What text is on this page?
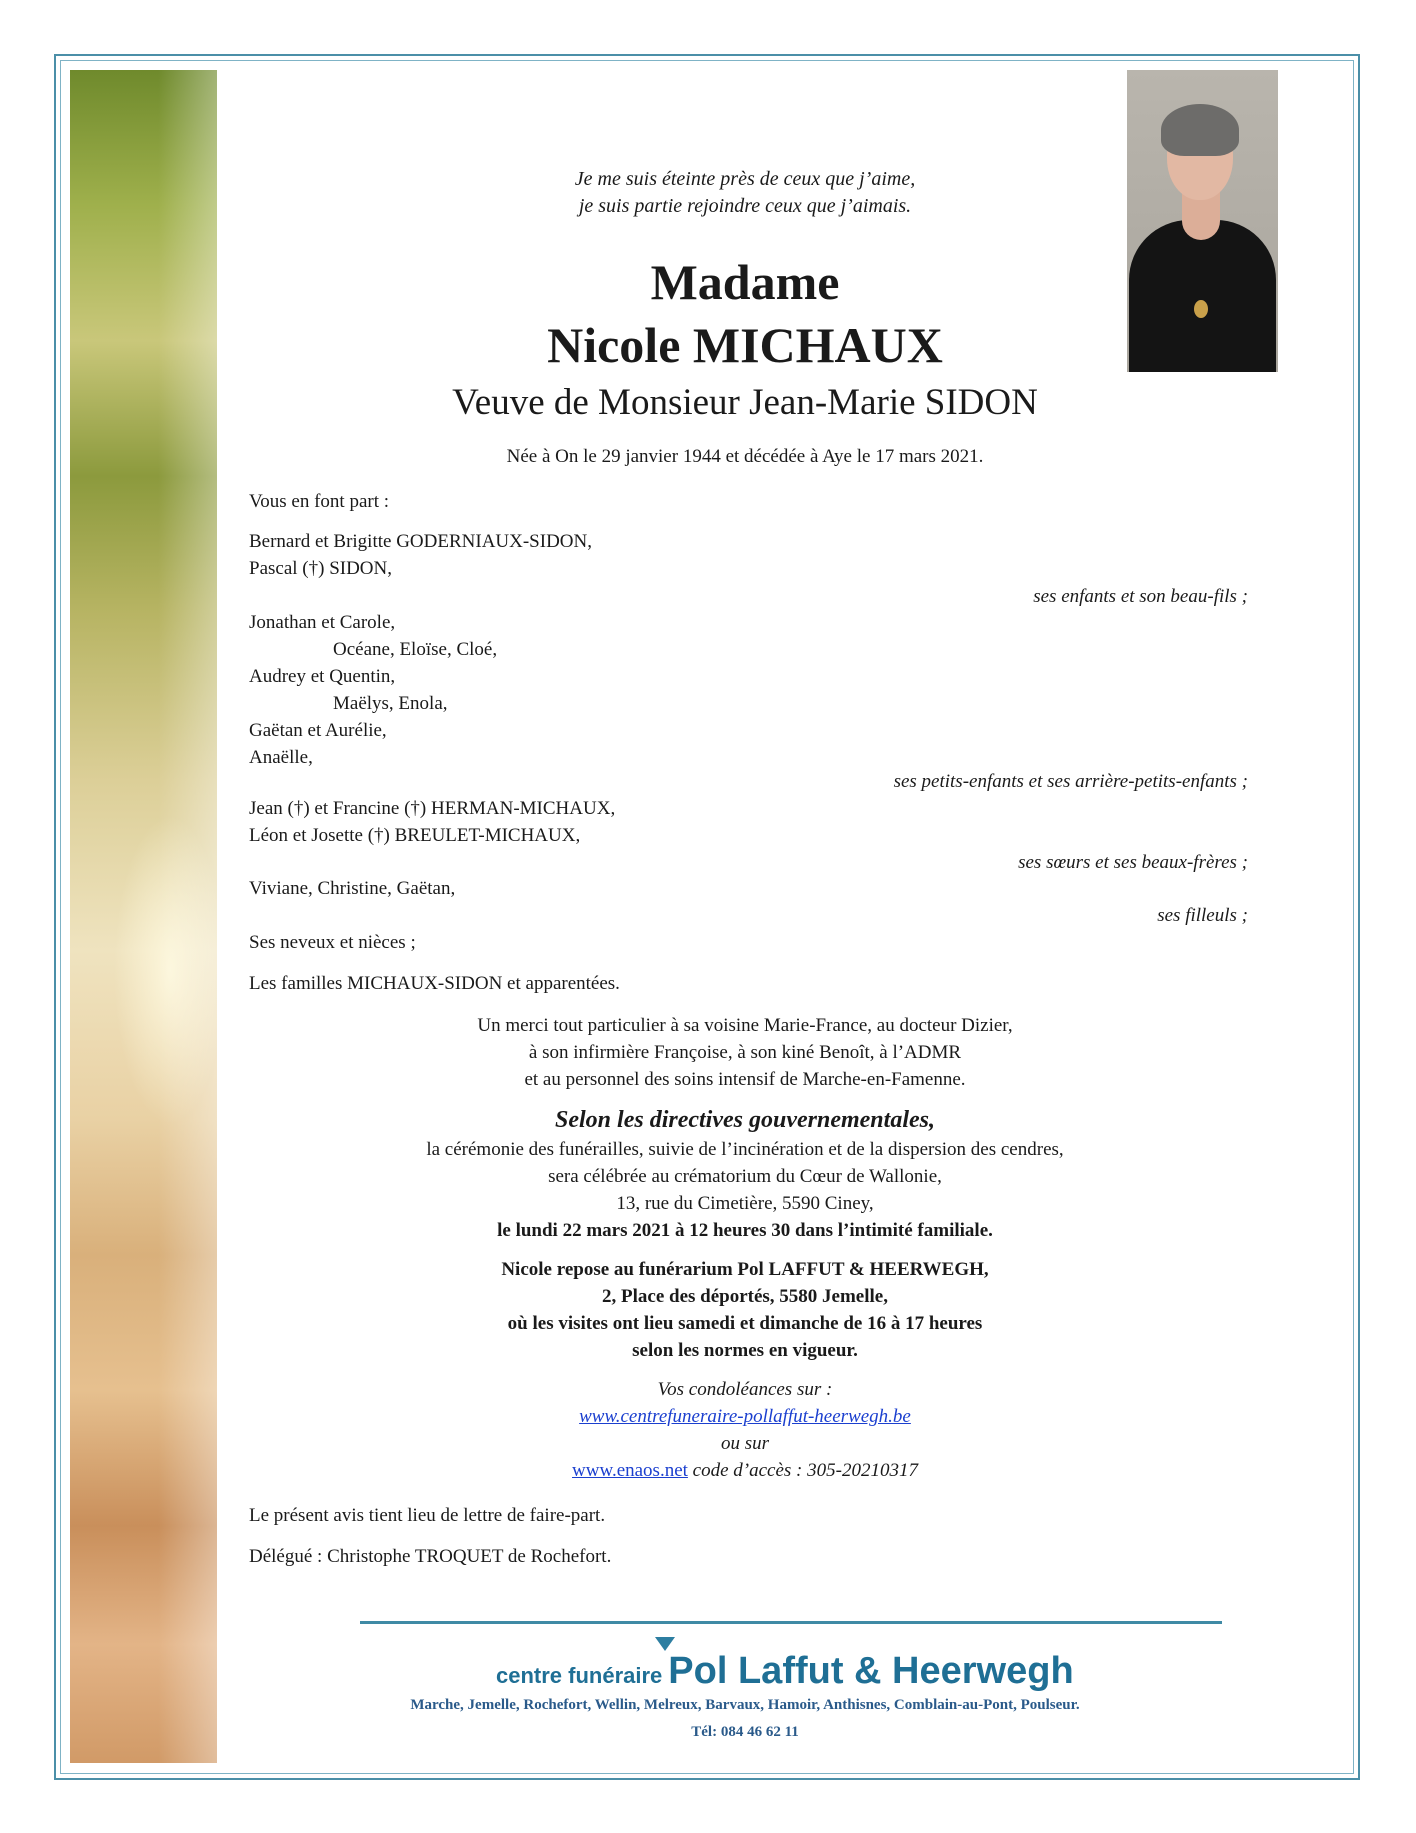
Je me suis éteinte près de ceux que j’aime,
je suis partie rejoindre ceux que j’aimais.
Madame
Nicole MICHAUX
Veuve de Monsieur Jean-Marie SIDON
Née à On le 29 janvier 1944 et décédée à Aye le 17 mars 2021.
Vous en font part :
Bernard et Brigitte GODERNIAUX-SIDON,
Pascal (†) SIDON,
ses enfants et son beau-fils ;
Jonathan et Carole,
Océane, Eloïse, Cloé,
Audrey et Quentin,
Maëlys, Enola,
Gaëtan et Aurélie,
Anaëlle,
ses petits-enfants et ses arrière-petits-enfants ;
Jean (†) et Francine (†) HERMAN-MICHAUX,
Léon et Josette (†) BREULET-MICHAUX,
ses sœurs et ses beaux-frères ;
Viviane, Christine, Gaëtan,
ses filleuls ;
Ses neveux et nièces ;
Les familles MICHAUX-SIDON et apparentées.
Un merci tout particulier à sa voisine Marie-France, au docteur Dizier,
à son infirmière Françoise, à son kiné Benoît, à l’ADMR
et au personnel des soins intensif de Marche-en-Famenne.
Selon les directives gouvernementales,
la cérémonie des funérailles, suivie de l’incinération et de la dispersion des cendres,
sera célébrée au crématorium du Cœur de Wallonie,
13, rue du Cimetière, 5590 Ciney,
le lundi 22 mars 2021 à 12 heures 30 dans l’intimité familiale.
Nicole repose au funérarium Pol LAFFUT & HEERWEGH,
2, Place des déportés, 5580 Jemelle,
où les visites ont lieu samedi et dimanche de 16 à 17 heures
selon les normes en vigueur.
Vos condoléances sur :
www.centrefuneraire-pollaffut-heerwegh.be
ou sur
www.enaos.net code d’accès : 305-20210317
Le présent avis tient lieu de lettre de faire-part.
Délégué : Christophe TROQUET de Rochefort.
centre funéraire Pol Laffut & Heerwegh
Marche, Jemelle, Rochefort, Wellin, Melreux, Barvaux, Hamoir, Anthisnes, Comblain-au-Pont, Poulseur.
Tél: 084 46 62 11
